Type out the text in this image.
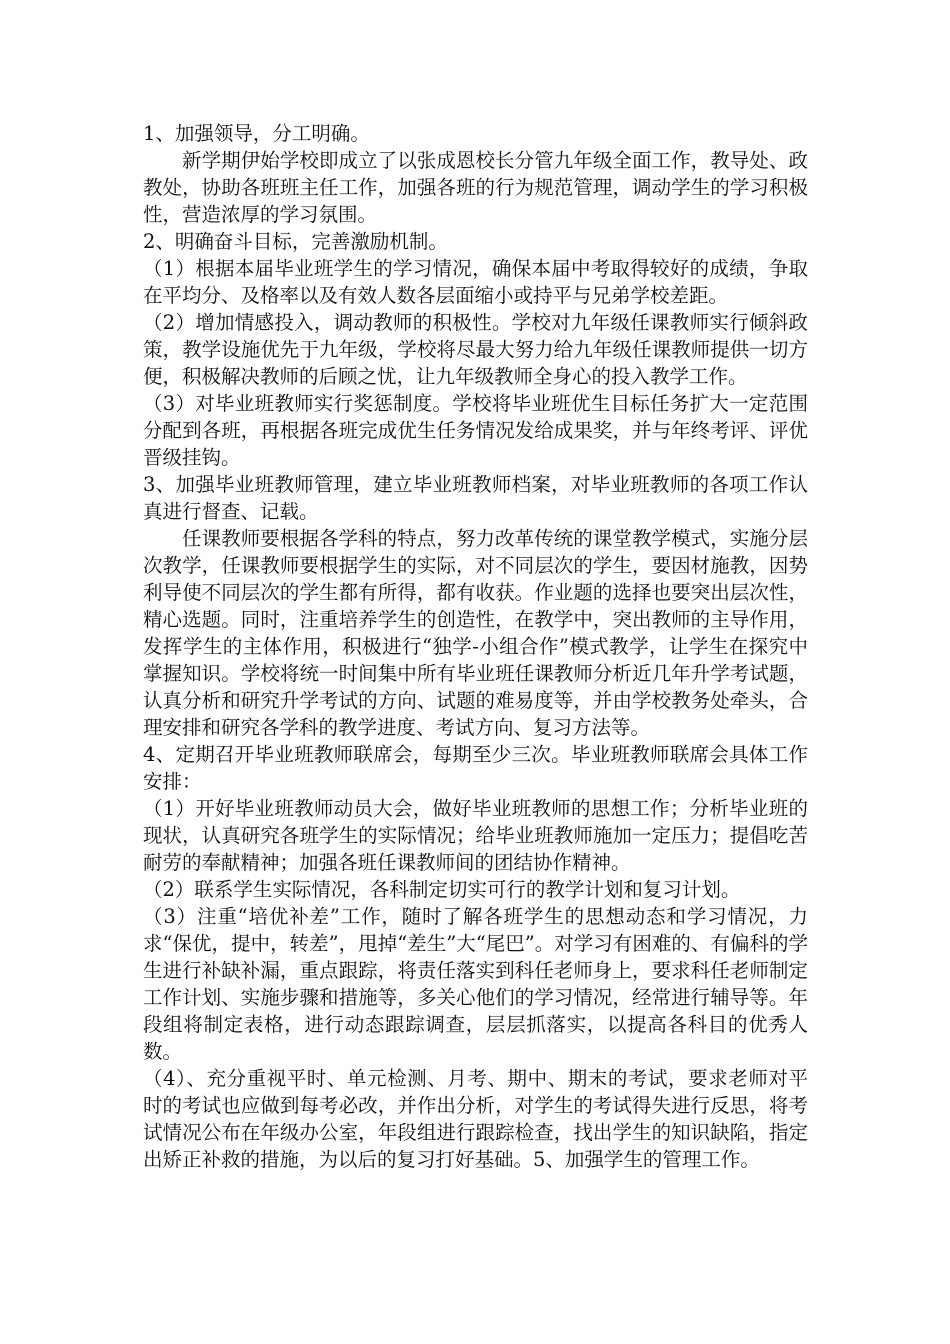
1、加强领导，分工明确。

新学期伊始学校即成立了以张成恩校长分管九年级全面工作，教导处、政教处，协助各班班主任工作，加强各班的行为规范管理，调动学生的学习积极性，营造浓厚的学习氛围。

2、明确奋斗目标，完善激励机制。

（1）根据本届毕业班学生的学习情况，确保本届中考取得较好的成绩，争取在平均分、及格率以及有效人数各层面缩小或持平与兄弟学校差距。

（2）增加情感投入，调动教师的积极性。学校对九年级任课教师实行倾斜政策，教学设施优先于九年级，学校将尽最大努力给九年级任课教师提供一切方便，积极解决教师的后顾之忧，让九年级教师全身心的投入教学工作。

（3）对毕业班教师实行奖惩制度。学校将毕业班优生目标任务扩大一定范围分配到各班，再根据各班完成优生任务情况发给成果奖，并与年终考评、评优晋级挂钩。

3、加强毕业班教师管理，建立毕业班教师档案，对毕业班教师的各项工作认真进行督查、记载。

任课教师要根据各学科的特点，努力改革传统的课堂教学模式，实施分层次教学，任课教师要根据学生的实际，对不同层次的学生，要因材施教，因势利导使不同层次的学生都有所得，都有收获。作业题的选择也要突出层次性，精心选题。同时，注重培养学生的创造性，在教学中，突出教师的主导作用，发挥学生的主体作用，积极进行“独学-小组合作”模式教学，让学生在探究中掌握知识。学校将统一时间集中所有毕业班任课教师分析近几年升学考试题，认真分析和研究升学考试的方向、试题的难易度等，并由学校教务处牵头，合理安排和研究各学科的教学进度、考试方向、复习方法等。

4、定期召开毕业班教师联席会，每期至少三次。毕业班教师联席会具体工作安排：

（1）开好毕业班教师动员大会，做好毕业班教师的思想工作；分析毕业班的现状，认真研究各班学生的实际情况；给毕业班教师施加一定压力；提倡吃苦耐劳的奉献精神；加强各班任课教师间的团结协作精神。

（2）联系学生实际情况，各科制定切实可行的教学计划和复习计划。

（3）注重“培优补差”工作，随时了解各班学生的思想动态和学习情况，力求“保优，提中，转差”，甩掉“差生”大“尾巴”。对学习有困难的、有偏科的学生进行补缺补漏，重点跟踪，将责任落实到科任老师身上，要求科任老师制定工作计划、实施步骤和措施等，多关心他们的学习情况，经常进行辅导等。年段组将制定表格，进行动态跟踪调查，层层抓落实，以提高各科目的优秀人数。

（4）、充分重视平时、单元检测、月考、期中、期末的考试，要求老师对平时的考试也应做到每考必改，并作出分析，对学生的考试得失进行反思，将考试情况公布在年级办公室，年段组进行跟踪检查，找出学生的知识缺陷，指定出矫正补救的措施，为以后的复习打好基础。5、加强学生的管理工作。
